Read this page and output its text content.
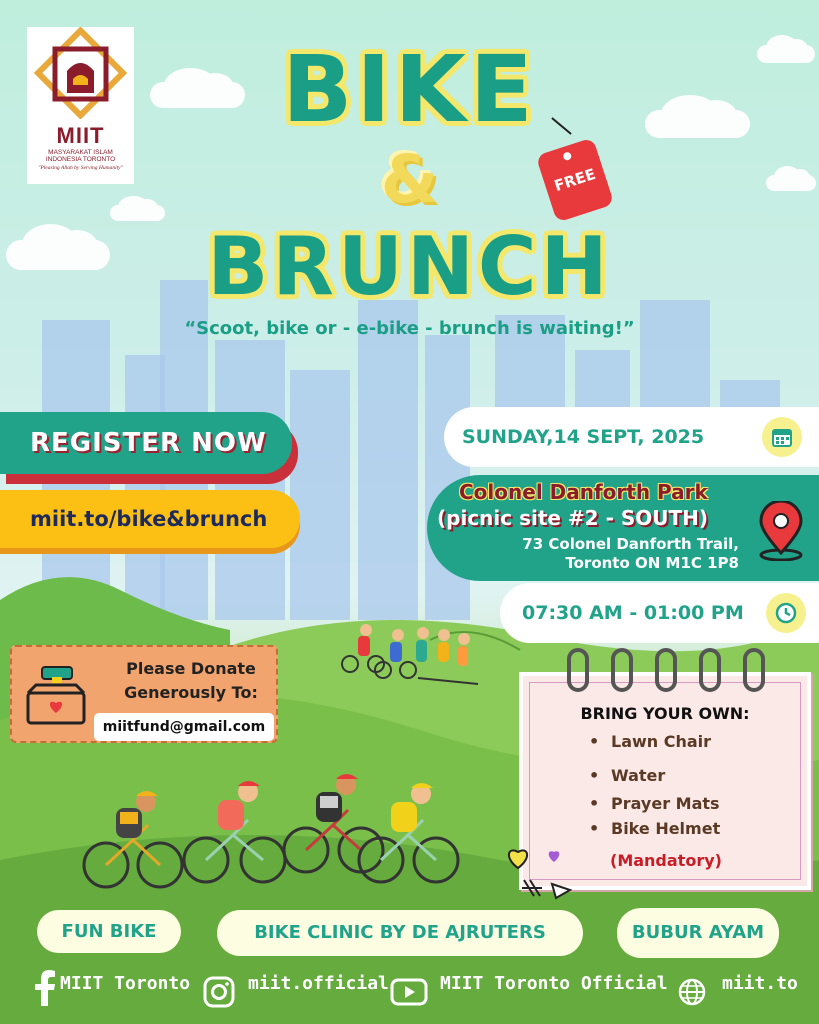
MIIT
MASYARAKAT ISLAM
INDONESIA TORONTO
"Pleasing Allah by Serving Humanity"
BIKE
&
BRUNCH
FREE
“Scoot, bike or - e-bike - brunch is waiting!”
REGISTER NOW
miit.to/bike&brunch
SUNDAY,14 SEPT, 2025
Colonel Danforth Park
(picnic site #2 - SOUTH)
73 Colonel Danforth Trail,
Toronto ON M1C 1P8
07:30 AM - 01:00 PM
Please Donate
Generously To:
miitfund@gmail.com
BRING YOUR OWN:
• Lawn Chair
• Water
• Prayer Mats
• Bike Helmet
(Mandatory)
FUN BIKE	BIKE CLINIC BY DE AJRUTERS	BUBUR AYAM
MIIT Toronto	miit.official	MIIT Toronto Official	miit.to
